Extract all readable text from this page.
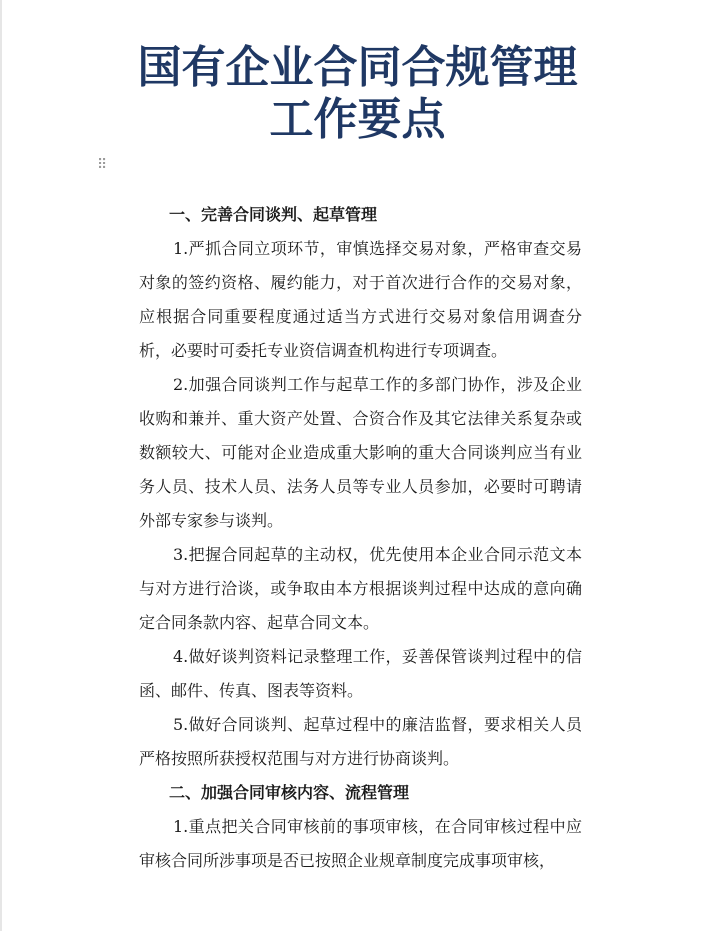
国有企业合同合规管理
工作要点
⠿

一、完善合同谈判、起草管理

1.严抓合同立项环节，审慎选择交易对象，严格审查交易对象的签约资格、履约能力，对于首次进行合作的交易对象，应根据合同重要程度通过适当方式进行交易对象信用调查分析，必要时可委托专业资信调查机构进行专项调查。

2.加强合同谈判工作与起草工作的多部门协作，涉及企业收购和兼并、重大资产处置、合资合作及其它法律关系复杂或数额较大、可能对企业造成重大影响的重大合同谈判应当有业务人员、技术人员、法务人员等专业人员参加，必要时可聘请外部专家参与谈判。

3.把握合同起草的主动权，优先使用本企业合同示范文本与对方进行洽谈，或争取由本方根据谈判过程中达成的意向确定合同条款内容、起草合同文本。

4.做好谈判资料记录整理工作，妥善保管谈判过程中的信函、邮件、传真、图表等资料。

5.做好合同谈判、起草过程中的廉洁监督，要求相关人员严格按照所获授权范围与对方进行协商谈判。

二、加强合同审核内容、流程管理

1.重点把关合同审核前的事项审核，在合同审核过程中应审核合同所涉事项是否已按照企业规章制度完成事项审核，
